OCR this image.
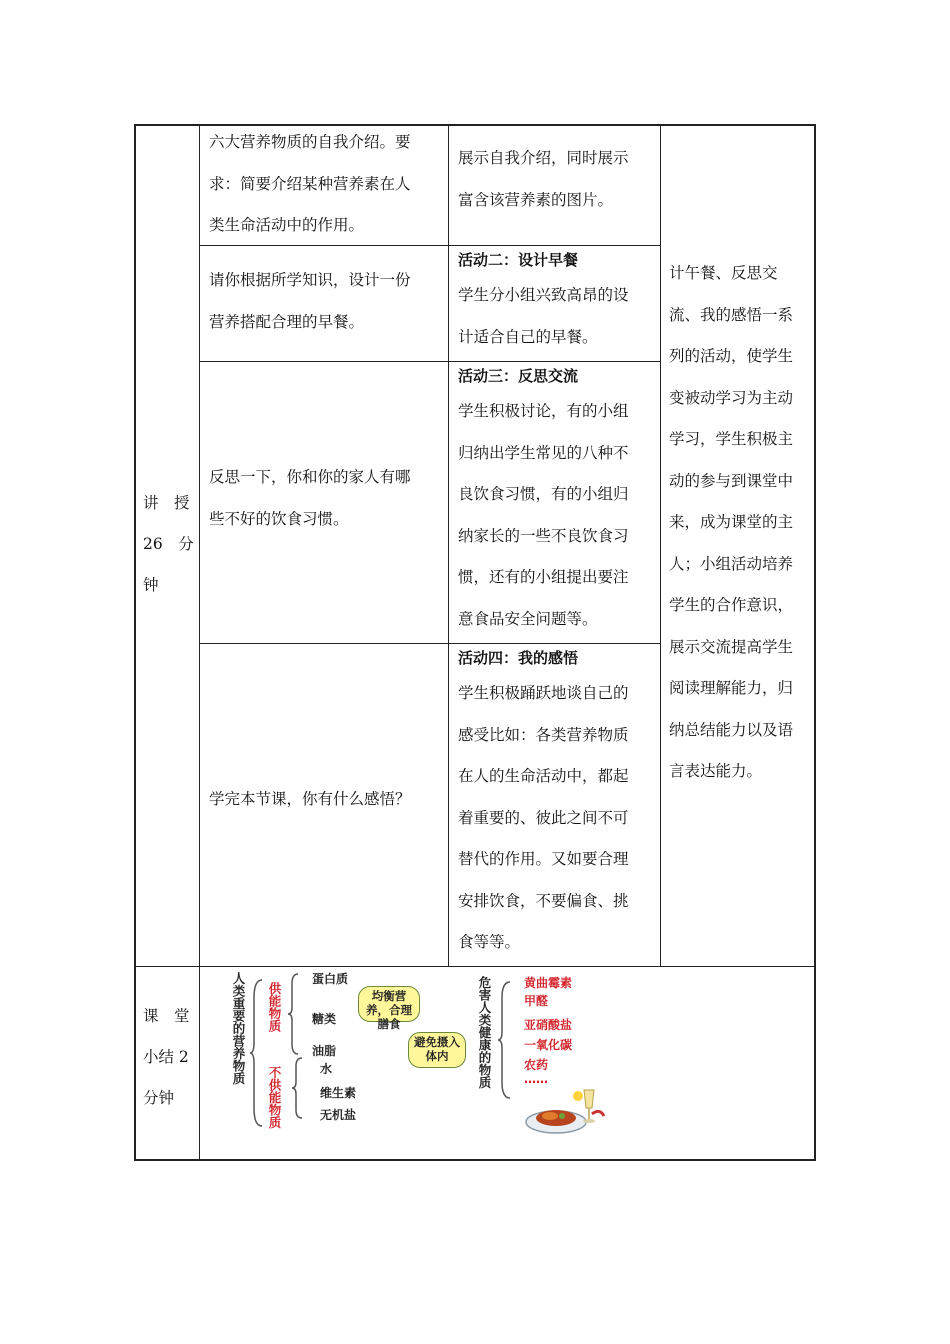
讲　授
26　分
钟
六大营养物质的自我介绍。要
求：简要介绍某种营养素在人
类生命活动中的作用。
展示自我介绍，同时展示
富含该营养素的图片。
请你根据所学知识，设计一份
营养搭配合理的早餐。
活动二：设计早餐
学生分小组兴致高昂的设
计适合自己的早餐。
反思一下，你和你的家人有哪
些不好的饮食习惯。
活动三：反思交流
学生积极讨论，有的小组
归纳出学生常见的八种不
良饮食习惯，有的小组归
纳家长的一些不良饮食习
惯，还有的小组提出要注
意食品安全问题等。
学完本节课，你有什么感悟？
活动四：我的感悟
学生积极踊跃地谈自己的
感受比如：各类营养物质
在人的生命活动中，都起
着重要的、彼此之间不可
替代的作用。又如要合理
安排饮食，不要偏食、挑
食等等。
计午餐、反思交
流、我的感悟一系
列的活动，使学生
变被动学习为主动
学习，学生积极主
动的参与到课堂中
来，成为课堂的主
人；小组活动培养
学生的合作意识，
展示交流提高学生
阅读理解能力，归
纳总结能力以及语
言表达能力。
课　堂
小结 2
分钟
人类重要的营养物质 供能物质
不供能物质
蛋白质
糖类
油脂
水
维生素
无机盐
均衡营养，合理膳食
避免摄入体内	危害人类健康的物质	黄曲霉素
甲醛
亚硝酸盐
一氧化碳
农药
……
